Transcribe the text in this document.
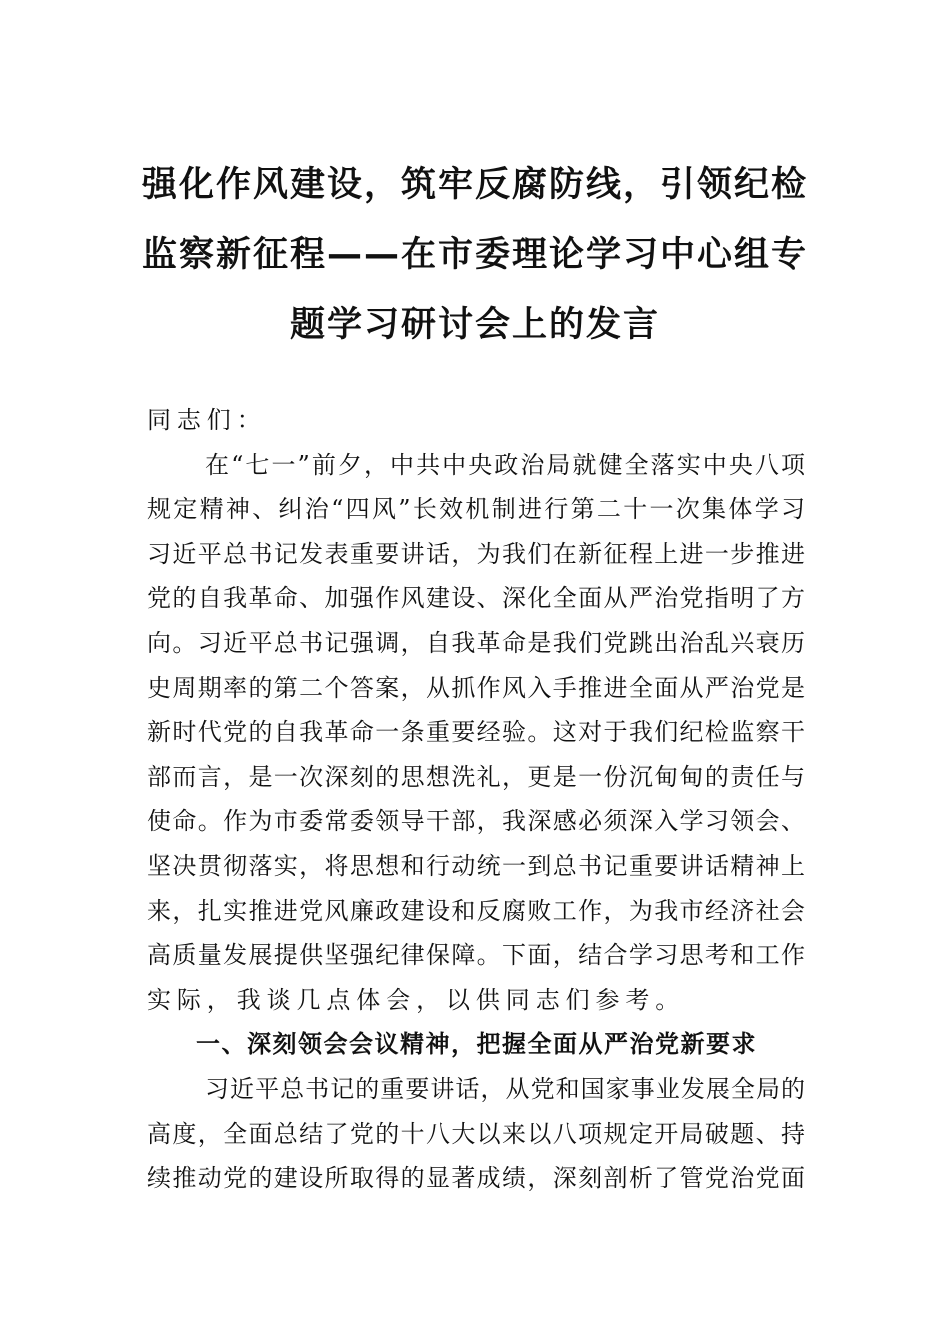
强化作风建设，筑牢反腐防线，引领纪检
监察新征程——在市委理论学习中心组专
题学习研讨会上的发言
同志们：
在“七一”前夕，中共中央政治局就健全落实中央八项
规定精神、纠治“四风”长效机制进行第二十一次集体学习
习近平总书记发表重要讲话，为我们在新征程上进一步推进
党的自我革命、加强作风建设、深化全面从严治党指明了方
向。习近平总书记强调，自我革命是我们党跳出治乱兴衰历
史周期率的第二个答案，从抓作风入手推进全面从严治党是
新时代党的自我革命一条重要经验。这对于我们纪检监察干
部而言，是一次深刻的思想洗礼，更是一份沉甸甸的责任与
使命。作为市委常委领导干部，我深感必须深入学习领会、
坚决贯彻落实，将思想和行动统一到总书记重要讲话精神上
来，扎实推进党风廉政建设和反腐败工作，为我市经济社会
高质量发展提供坚强纪律保障。下面，结合学习思考和工作
实际，我谈几点体会，以供同志们参考。
一、深刻领会会议精神，把握全面从严治党新要求
习近平总书记的重要讲话，从党和国家事业发展全局的
高度，全面总结了党的十八大以来以八项规定开局破题、持
续推动党的建设所取得的显著成绩，深刻剖析了管党治党面
